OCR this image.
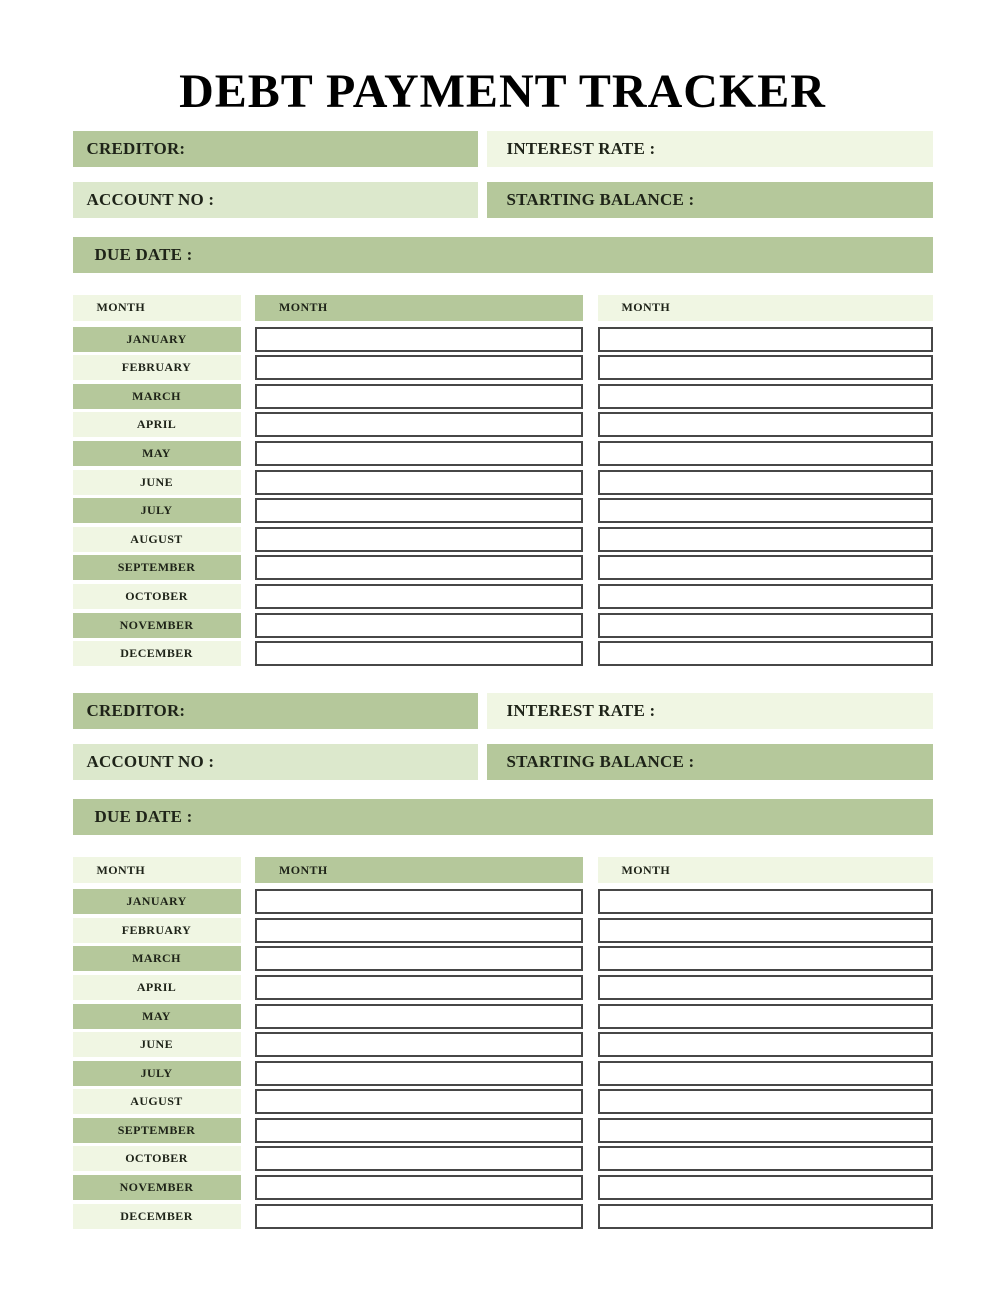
DEBT PAYMENT TRACKER
CREDITOR:	INTEREST RATE :
ACCOUNT NO :	STARTING BALANCE :
DUE DATE :
MONTH	MONTH	MONTH
JANUARY
FEBRUARY
MARCH
APRIL
MAY
JUNE
JULY
AUGUST
SEPTEMBER
OCTOBER
NOVEMBER
DECEMBER
CREDITOR:	INTEREST RATE :
ACCOUNT NO :	STARTING BALANCE :
DUE DATE :
MONTH	MONTH	MONTH
JANUARY
FEBRUARY
MARCH
APRIL
MAY
JUNE
JULY
AUGUST
SEPTEMBER
OCTOBER
NOVEMBER
DECEMBER
